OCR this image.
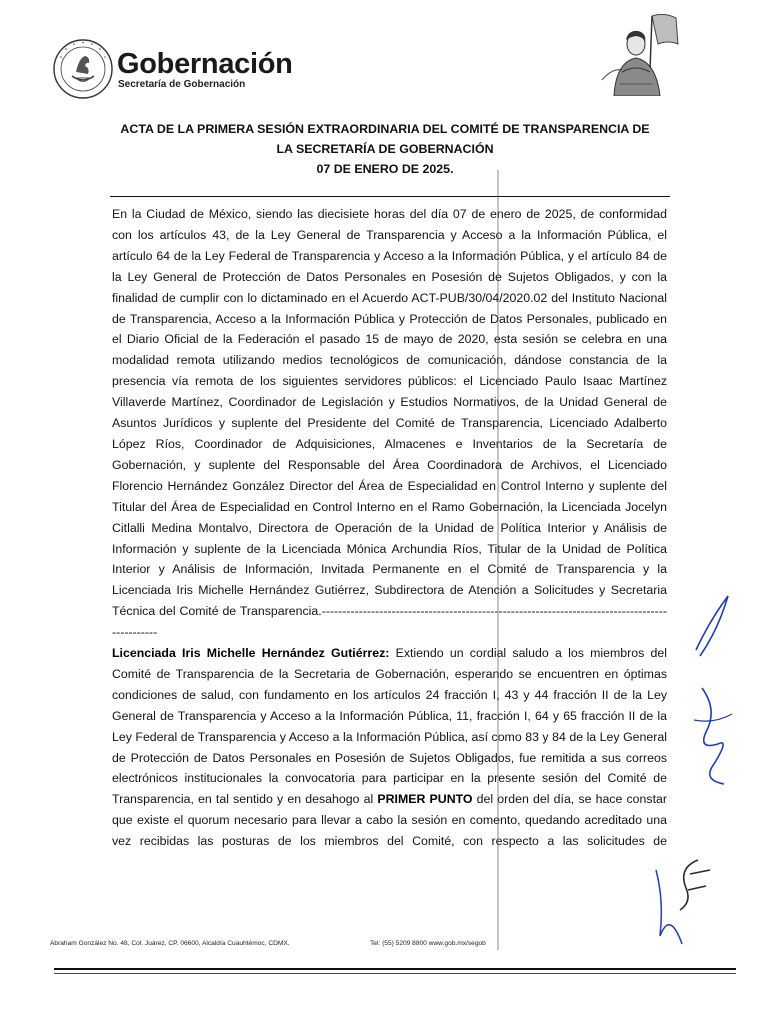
Gobernación
Secretaría de Gobernación
ACTA DE LA PRIMERA SESIÓN EXTRAORDINARIA DEL COMITÉ DE TRANSPARENCIA DE
LA SECRETARÍA DE GOBERNACIÓN
07 DE ENERO DE 2025.

En la Ciudad de México, siendo las diecisiete horas del día 07 de enero de 2025, de conformidad con los artículos 43, de la Ley General de Transparencia y Acceso a la Información Pública, el artículo 64 de la Ley Federal de Transparencia y Acceso a la Información Pública, y el artículo 84 de la Ley General de Protección de Datos Personales en Posesión de Sujetos Obligados, y con la finalidad de cumplir con lo dictaminado en el Acuerdo ACT-PUB/30/04/2020.02 del Instituto Nacional de Transparencia, Acceso a la Información Pública y Protección de Datos Personales, publicado en el Diario Oficial de la Federación el pasado 15 de mayo de 2020, esta sesión se celebra en una modalidad remota utilizando medios tecnológicos de comunicación, dándose constancia de la presencia vía remota de los siguientes servidores públicos: el Licenciado Paulo Isaac Martínez Villaverde Martínez, Coordinador de Legislación y Estudios Normativos, de la Unidad General de Asuntos Jurídicos y suplente del Presidente del Comité de Transparencia, Licenciado Adalberto López Ríos, Coordinador de Adquisiciones, Almacenes e Inventarios de la Secretaría de Gobernación, y suplente del Responsable del Área Coordinadora de Archivos, el Licenciado Florencio Hernández González Director del Área de Especialidad en Control Interno y suplente del Titular del Área de Especialidad en Control Interno en el Ramo Gobernación, la Licenciada Jocelyn Citlalli Medina Montalvo, Directora de Operación de la Unidad de Política Interior y Análisis de Información y suplente de la Licenciada Mónica Archundia Ríos, Titular de la Unidad de Política Interior y Análisis de Información, Invitada Permanente en el Comité de Transparencia y la Licenciada Iris Michelle Hernández Gutiérrez, Subdirectora de Atención a Solicitudes y Secretaria Técnica del Comité de Transparencia.-----------------------------------------------------------------------------------------------

Licenciada Iris Michelle Hernández Gutiérrez: Extiendo un cordial saludo a los miembros del Comité de Transparencia de la Secretaria de Gobernación, esperando se encuentren en óptimas condiciones de salud, con fundamento en los artículos 24 fracción I, 43 y 44 fracción II de la Ley General de Transparencia y Acceso a la Información Pública, 11, fracción I, 64 y 65 fracción II de la Ley Federal de Transparencia y Acceso a la Información Pública, así como 83 y 84 de la Ley General de Protección de Datos Personales en Posesión de Sujetos Obligados, fue remitida a sus correos electrónicos institucionales la convocatoria para participar en la presente sesión del Comité de Transparencia, en tal sentido y en desahogo al PRIMER PUNTO del orden del día, se hace constar que existe el quorum necesario para llevar a cabo la sesión en comento, quedando acreditado una vez recibidas las posturas de los miembros del Comité, con respecto a las solicitudes de

Abraham González No. 48, Col. Juárez, CP. 06600, Alcaldía Cuauhtémoc, CDMX.	Tel: (55) 5209 8800 www.gob.mx/segob
